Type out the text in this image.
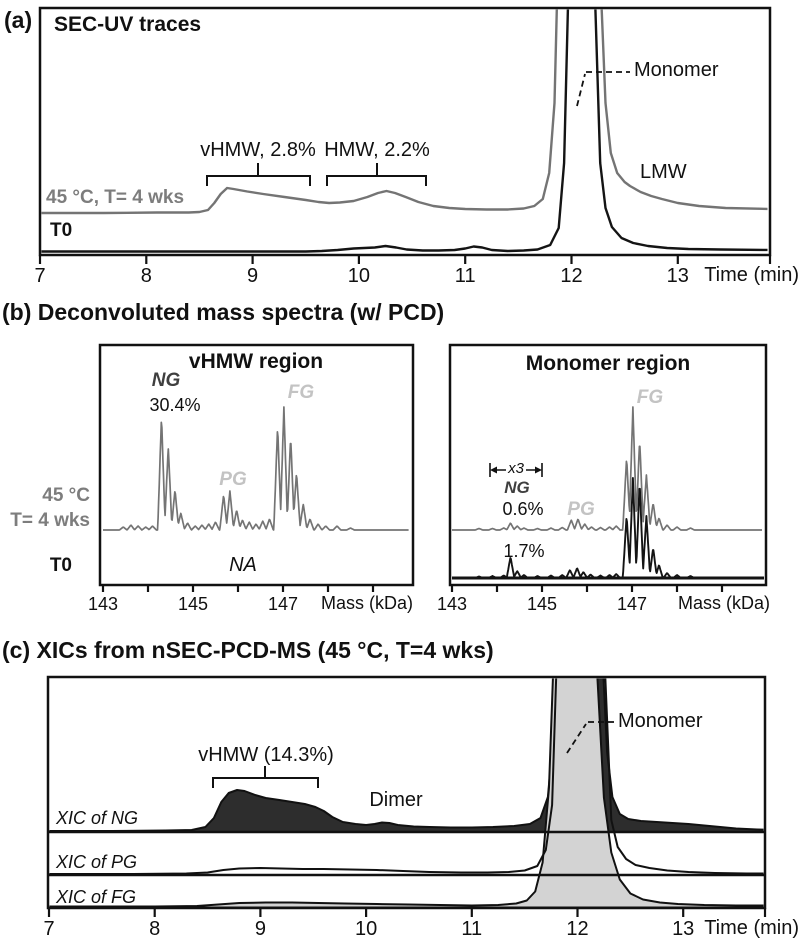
(a) SEC-UV traces
45 °C, T= 4 wks
T0
vHMW, 2.8% HMW, 2.2%
Monomer
LMW
Time (min)
(b) Deconvoluted mass spectra (w/ PCD)
45 °C
T= 4 wks
T0
vHMW region
NG
30.4%
PG
FG
NA
Mass (kDa)
Monomer region
FG
x3
NG
0.6% PG
1.7%
Mass (kDa)
(c) XICs from nSEC-PCD-MS (45 °C, T=4 wks)
XIC of NG
XIC of PG
XIC of FG
vHMW (14.3%)
Dimer
Monomer
Time (min)
7	8	9	10	11	12	13
143	145	147	143	145	147
7	8	9	10	11	12	13
